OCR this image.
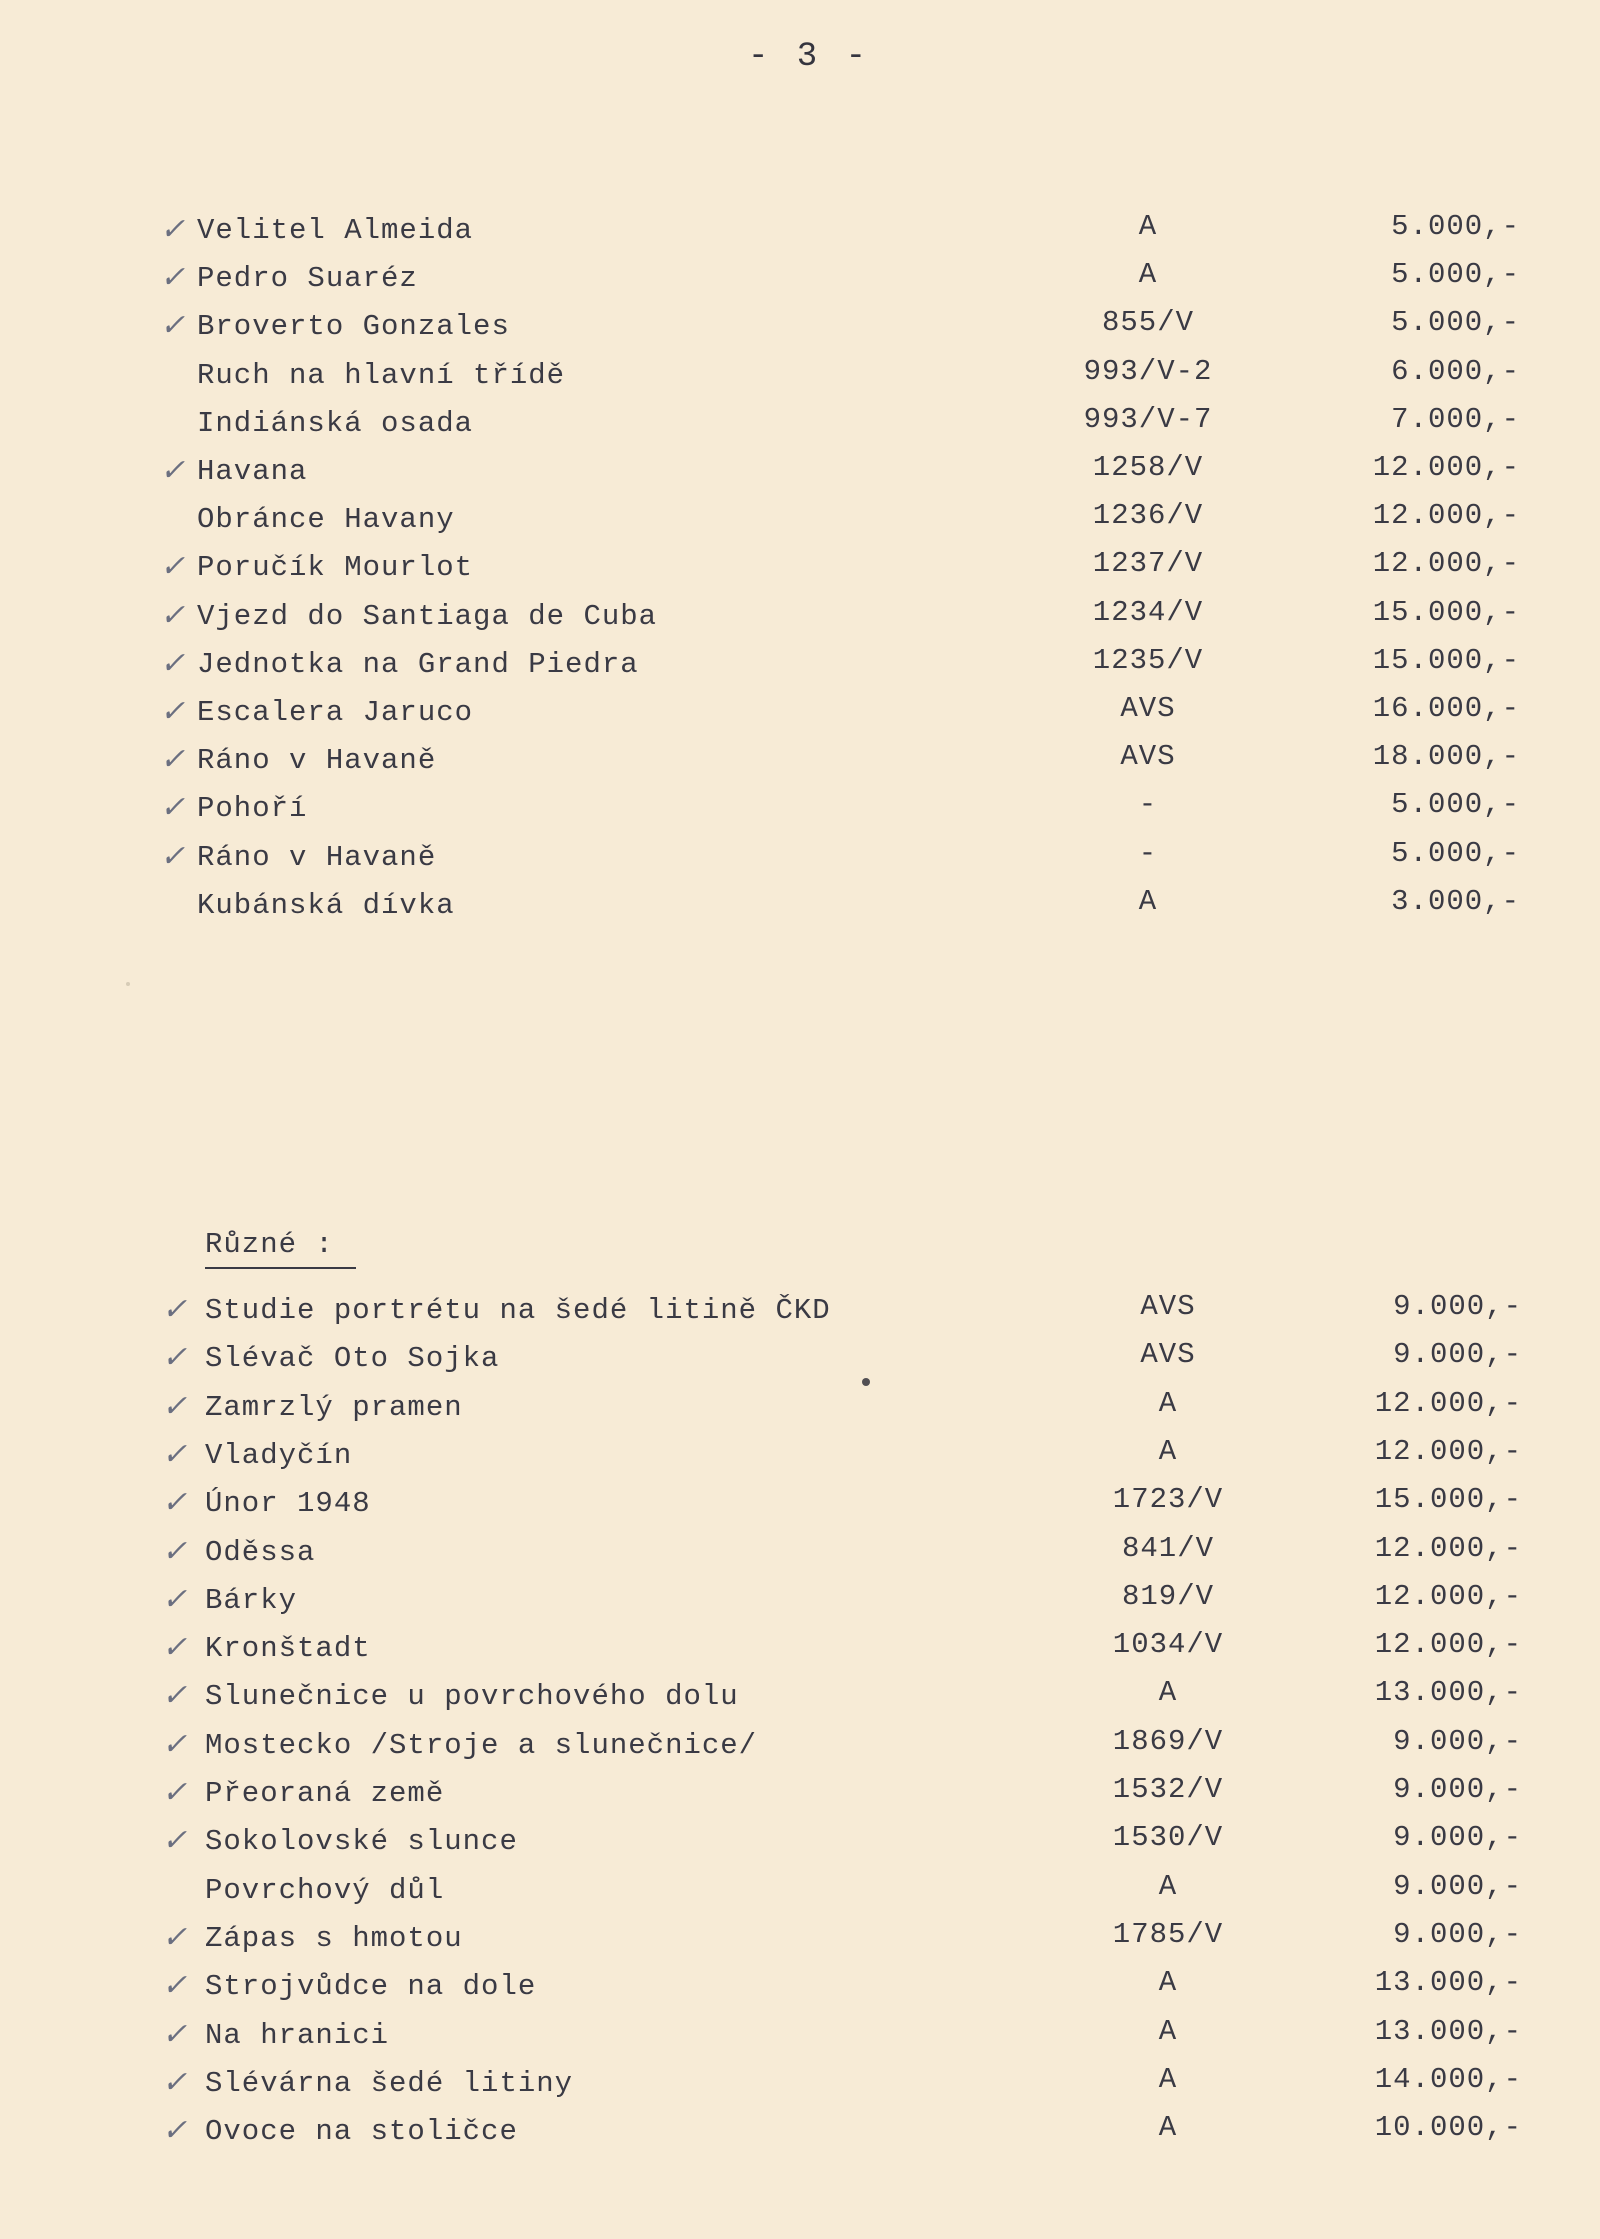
- 3 -
✓ Velitel Almeida	A	5.000,-
✓ Pedro Suaréz	A	5.000,-
✓ Broverto Gonzales	855/V	5.000,-
Ruch na hlavní třídě	993/V-2	6.000,-
Indiánská osada	993/V-7	7.000,-
✓ Havana	1258/V	12.000,-
Obránce Havany	1236/V	12.000,-
✓ Poručík Mourlot	1237/V	12.000,-
✓ Vjezd do Santiaga de Cuba	1234/V	15.000,-
✓ Jednotka na Grand Piedra	1235/V	15.000,-
✓ Escalera Jaruco	AVS	16.000,-
✓ Ráno v Havaně	AVS	18.000,-
✓ Pohoří	-	5.000,-
✓ Ráno v Havaně	-	5.000,-
Kubánská dívka	A	3.000,-
Různé :
✓ Studie portrétu na šedé litině ČKD	AVS	9.000,-
✓ Slévač Oto Sojka	AVS	9.000,-
✓ Zamrzlý pramen	A	12.000,-
✓ Vladyčín	A	12.000,-
✓ Únor 1948	1723/V	15.000,-
✓ Oděssa	841/V	12.000,-
✓ Bárky	819/V	12.000,-
✓ Kronštadt	1034/V	12.000,-
✓ Slunečnice u povrchového dolu	A	13.000,-
✓ Mostecko /Stroje a slunečnice/	1869/V	9.000,-
✓ Přeoraná země	1532/V	9.000,-
✓ Sokolovské slunce	1530/V	9.000,-
Povrchový důl	A	9.000,-
✓ Zápas s hmotou	1785/V	9.000,-
✓ Strojvůdce na dole	A	13.000,-
✓ Na hranici	A	13.000,-
✓ Slévárna šedé litiny	A	14.000,-
✓ Ovoce na stoličce	A	10.000,-
